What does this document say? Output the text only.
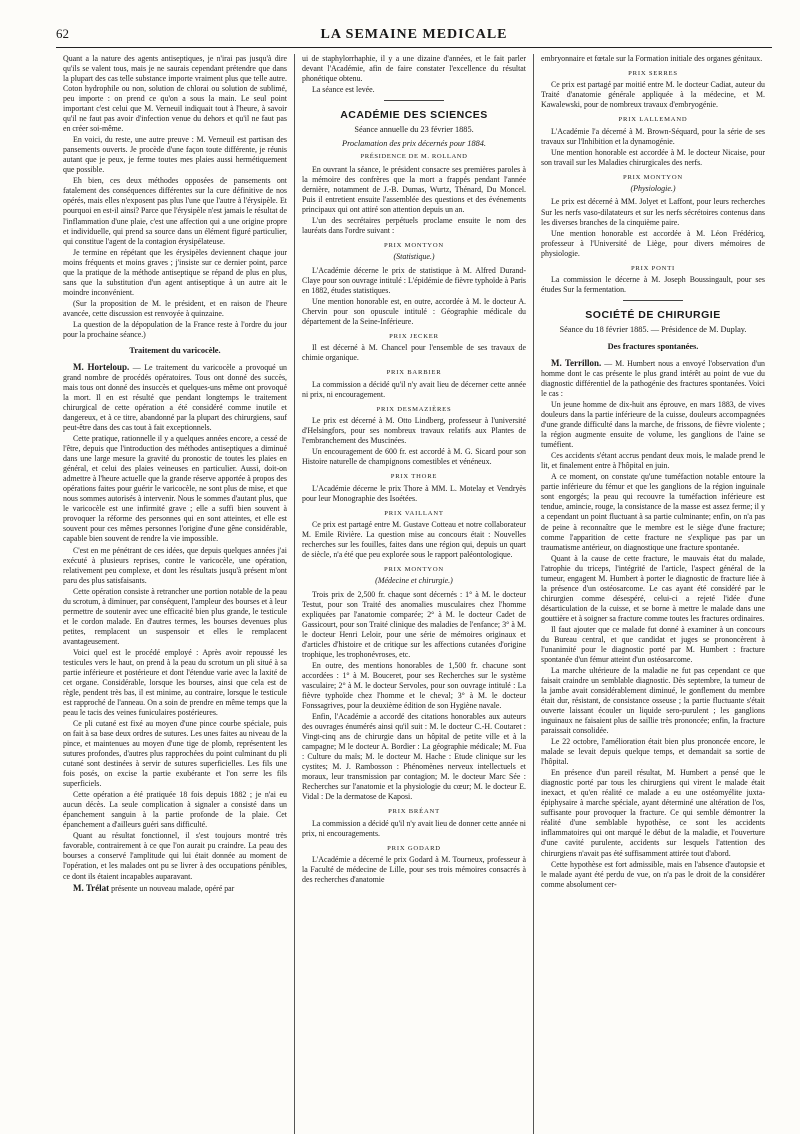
62	LA SEMAINE MEDICALE

Quant a la nature des agents antiseptiques, je n'irai pas jusqu'à dire qu'ils se valent tous, mais je ne saurais cependant prétendre que dans la plupart des cas telle substance importe vraiment plus que telle autre. Coton hydrophile ou non, solution de chlorai ou solution de sublimé, peu importe : on prend ce qu'on a sous la main. Le seul point important c'est celui que M. Verneuil indiquait tout à l'heure, à savoir qu'il ne faut pas avoir d'infection venue du dehors et qu'il ne faut pas en créer soi-même.

En voici, du reste, une autre preuve : M. Verneuil est partisan des pansements ouverts. Je procède d'une façon toute différente, je réunis autant que je peux, je ferme toutes mes plaies aussi hermétiquement que possible.

Eh bien, ces deux méthodes opposées de pansements ont fatalement des conséquences différentes sur la cure définitive de nos opérés, mais elles n'exposent pas plus l'une que l'autre à l'érysipèle. Et pourquoi en est-il ainsi? Parce que l'érysipèle n'est jamais le résultat de l'inflammation d'une plaie, c'est une affection qui a une origine propre et individuelle, qui prend sa source dans un élément figuré particulier, qui constitue l'agent de la contagion érysipélateuse.

Je termine en répétant que les érysipèles deviennent chaque jour moins fréquents et moins graves ; j'insiste sur ce dernier point, parce que la pratique de la méthode antiseptique se répand de plus en plus, sans que la substitution d'un agent antiseptique à un autre ait le moindre inconvénient.

(Sur la proposition de M. le président, et en raison de l'heure avancée, cette discussion est renvoyée à quinzaine.

La question de la dépopulation de la France reste à l'ordre du jour pour la prochaine séance.)

Traitement du varicocèle.

M. Horteloup. — Le traitement du varicocèle a provoqué un grand nombre de procédés opératoires. Tous ont donné des succès, mais tous ont donné des insuccès et quelques-uns même ont provoqué la mort. Il en est résulté que pendant longtemps le traitement chirurgical de cette opération a été considéré comme inutile et dangereux, et à ce titre, abandonné par la plupart des chirurgiens, sauf peut-être dans des cas tout à fait exceptionnels.

Cette pratique, rationnelle il y a quelques années encore, a cessé de l'être, depuis que l'introduction des méthodes antiseptiques a diminué dans une large mesure la gravité du pronostic de toutes les plaies en général, et celui des plaies veineuses en particulier. Aussi, doit-on admettre à l'heure actuelle que la grande réserve apportée à propos des opérations faites pour guérir le varicocèle, ne sont plus de mise, et que nous sommes autorisés à intervenir. Nous le sommes d'autant plus, que le varicocèle est une infirmité grave ; elle a suffi bien souvent à provoquer la réforme des personnes qui en sont atteintes, et elle est souvent pour ces mêmes personnes l'origine d'une gêne considérable, capable bien souvent de rendre la vie impossible.

C'est en me pénétrant de ces idées, que depuis quelques années j'ai exécuté à plusieurs reprises, contre le varicocèle, une opération, relativement peu complexe, et dont les résultats jusqu'à présent m'ont paru des plus satisfaisants.

Cette opération consiste à retrancher une portion notable de la peau du scrotum, à diminuer, par conséquent, l'ampleur des bourses et à leur permettre de soutenir avec une efficacité bien plus grande, le testicule et le cordon malade. En d'autres termes, les bourses devenues plus petites, remplacent un suspensoir et elles le remplacent avantageusement.

Voici quel est le procédé employé : Après avoir repoussé les testicules vers le haut, on prend à la peau du scrotum un pli situé à sa partie inférieure et postérieure et dont l'étendue varie avec la laxité de cet organe. Considérable, lorsque les bourses, ainsi que cela est de règle, pendent très bas, il est minime, au contraire, lorsque le testicule est rapproché de l'anneau. On a soin de prendre en même temps que la peau le tacis des veines funiculaires postérieures.

Ce pli cutané est fixé au moyen d'une pince courbe spéciale, puis on fait à sa base deux ordres de sutures. Les unes faites au niveau de la pince, et maintenues au moyen d'une tige de plomb, représentent les sutures profondes, d'autres plus rapprochées du point culminant du pli cutané sont destinées à servir de sutures superficielles. Les fils une fois posés, on excise la partie exubérante et l'on serre les fils superficiels.

Cette opération a été pratiquée 18 fois depuis 1882 ; je n'ai eu aucun décès. La seule complication à signaler a consisté dans un épanchement sanguin à la partie profonde de la plaie. Cet épanchement a d'ailleurs guéri sans difficulté.

Quant au résultat fonctionnel, il s'est toujours montré très favorable, contrairement à ce que l'on aurait pu craindre. La peau des bourses a conservé l'amplitude qui lui était donnée au moment de l'opération, et les malades ont pu se livrer à des occupations pénibles, ce dont ils étaient incapables auparavant.

M. Trélat présente un nouveau malade, opéré par

ui de staphylorrhaphie, il y a une dizaine d'années, et le fait parler devant l'Académie, afin de faire constater l'excellence du résultat phonétique obtenu.

La séance est levée.

ACADÉMIE DES SCIENCES
Séance annuelle du 23 février 1885.
Proclamation des prix décernés pour 1884.
PRÉSIDENCE DE M. ROLLAND

En ouvrant la séance, le président consacre ses premières paroles à la mémoire des confrères que la mort a frappés pendant l'année dernière, notamment de J.-B. Dumas, Wurtz, Thénard, Du Moncel. Puis il entretient ensuite l'assemblée des questions et des événements principaux qui ont attiré son attention depuis un an.

L'un des secrétaires perpétuels proclame ensuite le nom des lauréats dans l'ordre suivant :

PRIX MONTYON
(Statistique.)

L'Académie décerne le prix de statistique à M. Alfred Durand-Claye pour son ouvrage intitulé : L'épidémie de fièvre typhoïde à Paris en 1882, études statistiques.

Une mention honorable est, en outre, accordée à M. le docteur A. Chervin pour son opuscule intitulé : Géographie médicale du département de la Seine-Inférieure.

PRIX JECKER

Il est décerné à M. Chancel pour l'ensemble de ses travaux de chimie organique.

PRIX BARBIER

La commission a décidé qu'il n'y avait lieu de décerner cette année ni prix, ni encouragement.

PRIX DESMAZIÈRES

Le prix est décerné à M. Otto Lindberg, professeur à l'université d'Helsingfors, pour ses nombreux travaux relatifs aux Plantes de l'embranchement des Muscinées.

Un encouragement de 600 fr. est accordé à M. G. Sicard pour son Histoire naturelle de champignons comestibles et vénéneux.

PRIX THORE

L'Académie décerne le prix Thore à MM. L. Motelay et Vendryès pour leur Monographie des Isoétées.

PRIX VAILLANT

Ce prix est partagé entre M. Gustave Cotteau et notre collaborateur M. Emile Rivière. La question mise au concours était : Nouvelles recherches sur les fouilles, faites dans une région qui, depuis un quart de siècle, n'a été que peu explorée sous le rapport paléontologique.

PRIX MONTYON
(Médecine et chirurgie.)

Trois prix de 2,500 fr. chaque sont décernés : 1° à M. le docteur Testut, pour son Traité des anomalies musculaires chez l'homme expliquées par l'anatomie comparée; 2° à M. le docteur Cadet de Gassicourt, pour son Traité clinique des maladies de l'enfance; 3° à M. le docteur Henri Leloir, pour une série de mémoires originaux et d'articles d'histoire et de critique sur les affections cutanées d'origine trophique, les trophonévroses, etc.

En outre, des mentions honorables de 1,500 fr. chacune sont accordées : 1° à M. Bouceret, pour ses Recherches sur le système vasculaire; 2° à M. le docteur Servoles, pour son ouvrage intitulé : La fièvre typhoïde chez l'homme et le cheval; 3° à M. le docteur Fonssagrives, pour la deuxième édition de son Hygiène navale.

Enfin, l'Académie a accordé des citations honorables aux auteurs des ouvrages énumérés ainsi qu'il suit : M. le docteur C.-H. Coutaret : Vingt-cinq ans de chirurgie dans un hôpital de petite ville et à la campagne; M le docteur A. Bordier : La géographie médicale; M. Fua : Culture du maïs; M. le docteur M. Hache : Etude clinique sur les cystites; M. J. Rambosson : Phénomènes nerveux intellectuels et moraux, leur transmission par contagion; M. le docteur Marc Sée : Recherches sur l'anatomie et la physiologie du cœur; M. le docteur E. Vidal : De la dermatose de Kaposi.

PRIX BRÉANT

La commission a décidé qu'il n'y avait lieu de donner cette année ni prix, ni encouragements.

PRIX GODARD

L'Académie a décerné le prix Godard à M. Tourneux, professeur à la Faculté de médecine de Lille, pour ses trois mémoires consacrés à des recherches d'anatomie

embryonnaire et fœtale sur la Formation initiale des organes génitaux.

PRIX SERRES

Ce prix est partagé par moitié entre M. le docteur Cadiat, auteur du Traité d'anatomie générale appliquée à la médecine, et M. Kawalewski, pour de nombreux travaux d'embryogénie.

PRIX LALLEMAND

L'Académie l'a décerné à M. Brown-Séquard, pour la série de ses travaux sur l'Inhibition et la dynamogénie.

Une mention honorable est accordée à M. le docteur Nicaise, pour son travail sur les Maladies chirurgicales des nerfs.

PRIX MONTYON
(Physiologie.)

Le prix est décerné à MM. Jolyet et Laffont, pour leurs recherches Sur les nerfs vaso-dilatateurs et sur les nerfs sécrétoires contenus dans les diverses branches de la cinquième paire.

Une mention honorable est accordée à M. Léon Frédéricq, professeur à l'Université de Liège, pour divers mémoires de physiologie.

PRIX PONTI

La commission le décerne à M. Joseph Boussingault, pour ses études Sur la fermentation.

SOCIÉTÉ DE CHIRURGIE
Séance du 18 février 1885. — Présidence de M. Duplay.
Des fractures spontanées.

M. Terrillon. — M. Humbert nous a envoyé l'observation d'un homme dont le cas présente le plus grand intérêt au point de vue du diagnostic différentiel de la pathogénie des fractures spontanées. Voici le cas :

Un jeune homme de dix-huit ans éprouve, en mars 1883, de vives douleurs dans la partie inférieure de la cuisse, douleurs accompagnées d'une grande difficulté dans la marche, de frissons, de fièvre violente ; la région augmente ensuite de volume, les ganglions de l'aine se tuméfient.

Ces accidents s'étant accrus pendant deux mois, le malade prend le lit, et finalement entre à l'hôpital en juin.

A ce moment, on constate qu'une tuméfaction notable entoure la partie inférieure du fémur et que les ganglions de la région inguinale sont engorgés; la peau qui recouvre la tuméfaction inférieure est tendue, amincie, rouge, la consistance de la masse est assez ferme; il y a cependant un point fluctuant à sa partie culminante; enfin, on n'a pas de peine à reconnaître que le membre est le siège d'une fracture; comme l'apparition de cette fracture ne s'explique pas par un traumatisme antérieur, on diagnostique une fracture spontanée.

Quant à la cause de cette fracture, le mauvais état du malade, l'atrophie du triceps, l'intégrité de l'article, l'aspect général de la tumeur, engagent M. Humbert à porter le diagnostic de fracture liée à la présence d'un ostéosarcome. Le cas ayant été considéré par le chirurgien comme désespéré, celui-ci a rejeté l'idée d'une désarticulation de la cuisse, et se borne à mettre le malade dans une gouttière et à soigner sa fracture comme toutes les fractures ordinaires.

Il faut ajouter que ce malade fut donné à examiner à un concours du Bureau central, et que candidat et juges se prononcèrent à l'unanimité pour le diagnostic porté par M. Humbert : fracture spontanée d'un fémur atteint d'un ostéosarcome.

La marche ultérieure de la maladie ne fut pas cependant ce que faisait craindre un semblable diagnostic. Dès septembre, la tumeur de la jambe avait considérablement diminué, le gonflement du membre était dur, résistant, de consistance osseuse ; la partie fluctuante s'était ouverte laissant écouler un liquide sero-purulent ; les ganglions inguinaux ne faisaient plus de saillie très prononcée; enfin, la fracture paraissait consolidée.

Le 22 octobre, l'amélioration était bien plus prononcée encore, le malade se levait depuis quelque temps, et demandait sa sortie de l'hôpital.

En présence d'un pareil résultat, M. Humbert a pensé que le diagnostic porté par tous les chirurgiens qui virent le malade était inexact, et qu'en réalité ce malade a eu une ostéomyélite juxta-épiphysaire à marche spéciale, ayant déterminé une altération de l'os, suffisante pour provoquer la fracture. Ce qui semble démontrer la réalité d'une semblable hypothèse, ce sont les accidents inflammatoires qui ont marqué le début de la maladie, et l'ouverture d'une cavité purulente, accidents sur lesquels l'attention des chirurgiens n'avait pas été suffisamment attirée tout d'abord.

Cette hypothèse est fort admissible, mais en l'absence d'autopsie et le malade ayant été perdu de vue, on n'a pas le droit de la considérer comme absolument cer-
